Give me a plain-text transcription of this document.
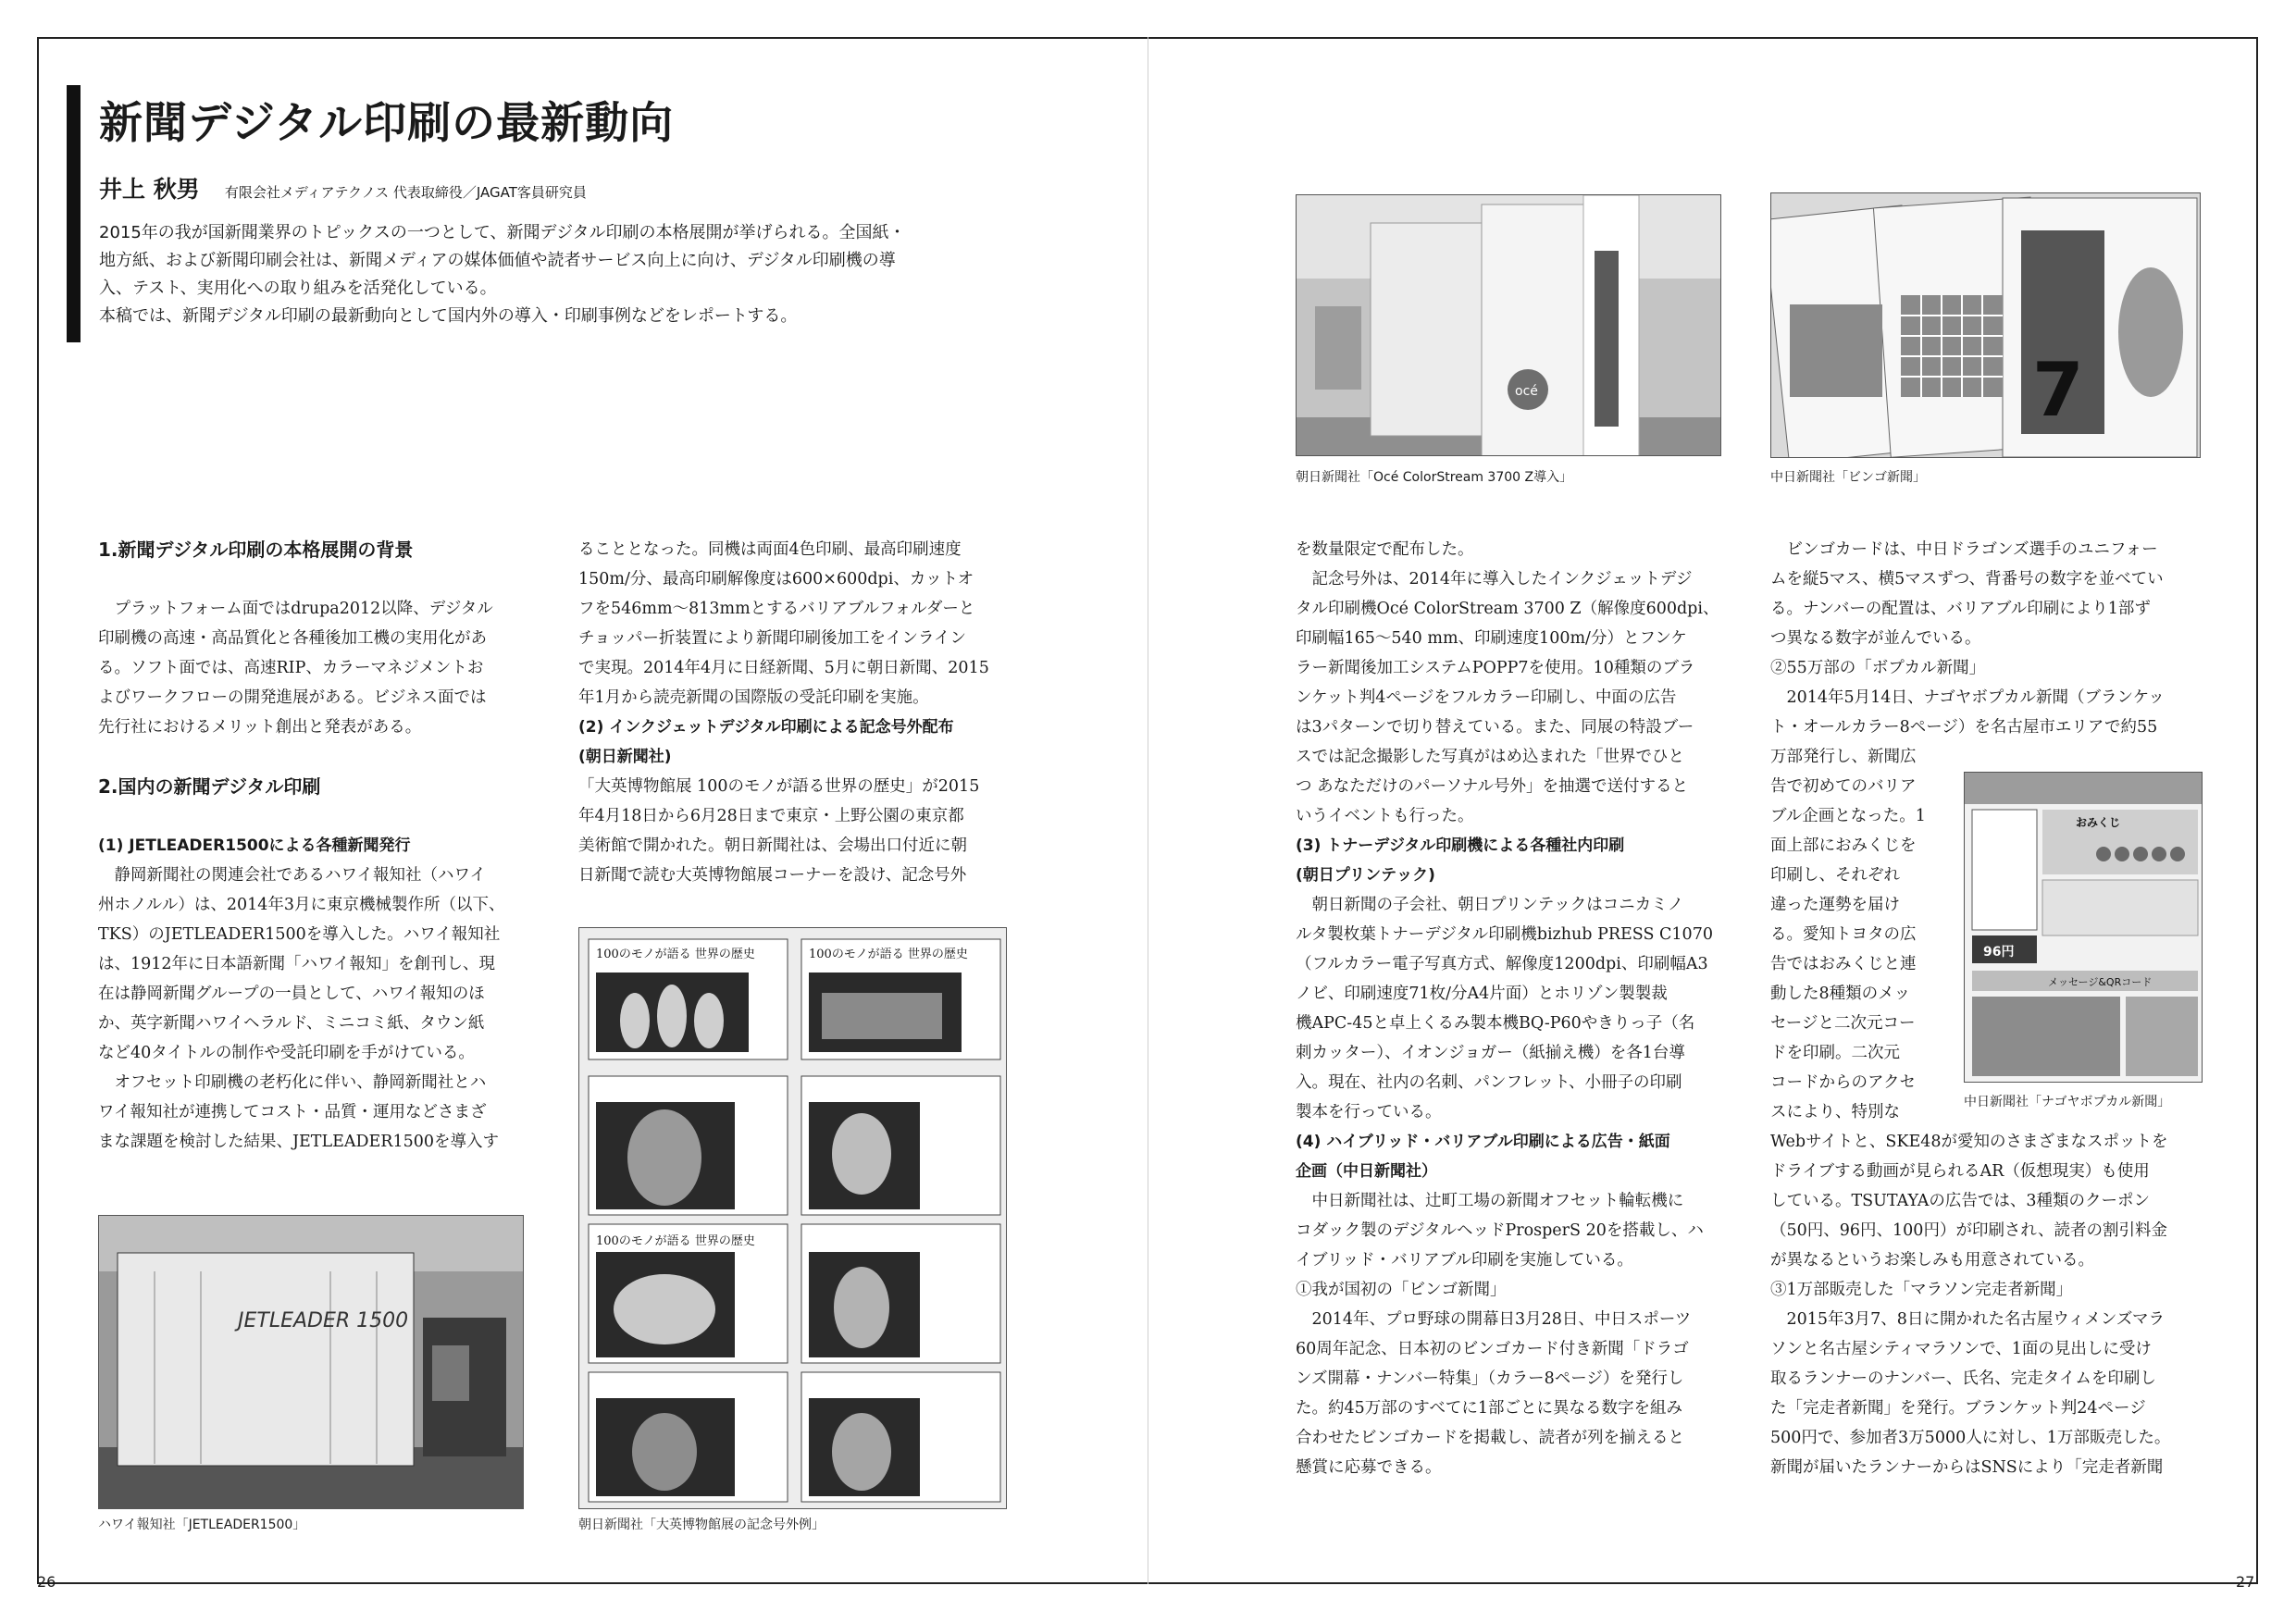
新聞デジタル印刷の最新動向
井上 秋男 有限会社メディアテクノス 代表取締役／JAGAT客員研究員

2015年の我が国新聞業界のトピックスの一つとして、新聞デジタル印刷の本格展開が挙げられる。全国紙・

地方紙、および新聞印刷会社は、新聞メディアの媒体価値や読者サービス向上に向け、デジタル印刷機の導

入、テスト、実用化への取り組みを活発化している。

本稿では、新聞デジタル印刷の最新動向として国内外の導入・印刷事例などをレポートする。

1.新聞デジタル印刷の本格展開の背景

プラットフォーム面ではdrupa2012以降、デジタル

印刷機の高速・高品質化と各種後加工機の実用化があ

る。ソフト面では、高速RIP、カラーマネジメントお

よびワークフローの開発進展がある。ビジネス面では

先行社におけるメリット創出と発表がある。

2.国内の新聞デジタル印刷

(1) JETLEADER1500による各種新聞発行

静岡新聞社の関連会社であるハワイ報知社（ハワイ

州ホノルル）は、2014年3月に東京機械製作所（以下、

TKS）のJETLEADER1500を導入した。ハワイ報知社

は、1912年に日本語新聞「ハワイ報知」を創刊し、現

在は静岡新聞グループの一員として、ハワイ報知のほ

か、英字新聞ハワイヘラルド、ミニコミ紙、タウン紙

など40タイトルの制作や受託印刷を手がけている。

オフセット印刷機の老朽化に伴い、静岡新聞社とハ

ワイ報知社が連携してコスト・品質・運用などさまざ

まな課題を検討した結果、JETLEADER1500を導入す

JETLEADER 1500
ハワイ報知社「JETLEADER1500」

ることとなった。同機は両面4色印刷、最高印刷速度

150m/分、最高印刷解像度は600×600dpi、カットオ

フを546mm〜813mmとするバリアブルフォルダーと

チョッパー折装置により新聞印刷後加工をインライン

で実現。2014年4月に日経新聞、5月に朝日新聞、2015

年1月から読売新聞の国際版の受託印刷を実施。

(2) インクジェットデジタル印刷による記念号外配布

(朝日新聞社)

「大英博物館展 100のモノが語る世界の歴史」が2015

年4月18日から6月28日まで東京・上野公園の東京都

美術館で開かれた。朝日新聞社は、会場出口付近に朝

日新聞で読む大英博物館展コーナーを設け、記念号外

100のモノが語る 世界の歴史	100のモノが語る 世界の歴史
100のモノが語る 世界の歴史
朝日新聞社「大英博物館展の記念号外例」
océ
朝日新聞社「Océ ColorStream 3700 Z導入」
7
中日新聞社「ビンゴ新聞」

を数量限定で配布した。

記念号外は、2014年に導入したインクジェットデジ

タル印刷機Océ ColorStream 3700 Z（解像度600dpi、

印刷幅165〜540 mm、印刷速度100m/分）とフンケ

ラー新聞後加工システムPOPP7を使用。10種類のブラ

ンケット判4ページをフルカラー印刷し、中面の広告

は3パターンで切り替えている。また、同展の特設ブー

スでは記念撮影した写真がはめ込まれた「世界でひと

つ あなただけのパーソナル号外」を抽選で送付すると

いうイベントも行った。

(3) トナーデジタル印刷機による各種社内印刷

(朝日プリンテック)

朝日新聞の子会社、朝日プリンテックはコニカミノ

ルタ製枚葉トナーデジタル印刷機bizhub PRESS C1070

（フルカラー電子写真方式、解像度1200dpi、印刷幅A3

ノビ、印刷速度71枚/分A4片面）とホリゾン製製裁

機APC-45と卓上くるみ製本機BQ-P60やきりっ子（名

刺カッター）、イオンジョガー（紙揃え機）を各1台導

入。現在、社内の名刺、パンフレット、小冊子の印刷

製本を行っている。

(4) ハイブリッド・バリアブル印刷による広告・紙面

企画（中日新聞社）

中日新聞社は、辻町工場の新聞オフセット輪転機に

コダック製のデジタルヘッドProsperS 20を搭載し、ハ

イブリッド・バリアブル印刷を実施している。

①我が国初の「ビンゴ新聞」

2014年、プロ野球の開幕日3月28日、中日スポーツ

60周年記念、日本初のビンゴカード付き新聞「ドラゴ

ンズ開幕・ナンバー特集」（カラー8ページ）を発行し

た。約45万部のすべてに1部ごとに異なる数字を組み

合わせたビンゴカードを掲載し、読者が列を揃えると

懸賞に応募できる。

ビンゴカードは、中日ドラゴンズ選手のユニフォー

ムを縦5マス、横5マスずつ、背番号の数字を並べてい

る。ナンバーの配置は、バリアブル印刷により1部ず

つ異なる数字が並んでいる。

②55万部の「ボプカル新聞」

2014年5月14日、ナゴヤボプカル新聞（ブランケッ

ト・オールカラー8ページ）を名古屋市エリアで約55

万部発行し、新聞広

告で初めてのバリア

ブル企画となった。1

面上部におみくじを

印刷し、それぞれ

違った運勢を届け

る。愛知トヨタの広

告ではおみくじと連

動した8種類のメッ

セージと二次元コー

ドを印刷。二次元

コードからのアクセ

スにより、特別な

Webサイトと、SKE48が愛知のさまざまなスポットを

ドライブする動画が見られるAR（仮想現実）も使用

している。TSUTAYAの広告では、3種類のクーポン

（50円、96円、100円）が印刷され、読者の割引料金

が異なるというお楽しみも用意されている。

③1万部販売した「マラソン完走者新聞」

2015年3月7、8日に開かれた名古屋ウィメンズマラ

ソンと名古屋シティマラソンで、1面の見出しに受け

取るランナーのナンバー、氏名、完走タイムを印刷し

た「完走者新聞」を発行。ブランケット判24ページ

500円で、参加者3万5000人に対し、1万部販売した。

新聞が届いたランナーからはSNSにより「完走者新聞

おみくじ
96円
メッセージ&QRコード
中日新聞社「ナゴヤボプカル新聞」
26	27
